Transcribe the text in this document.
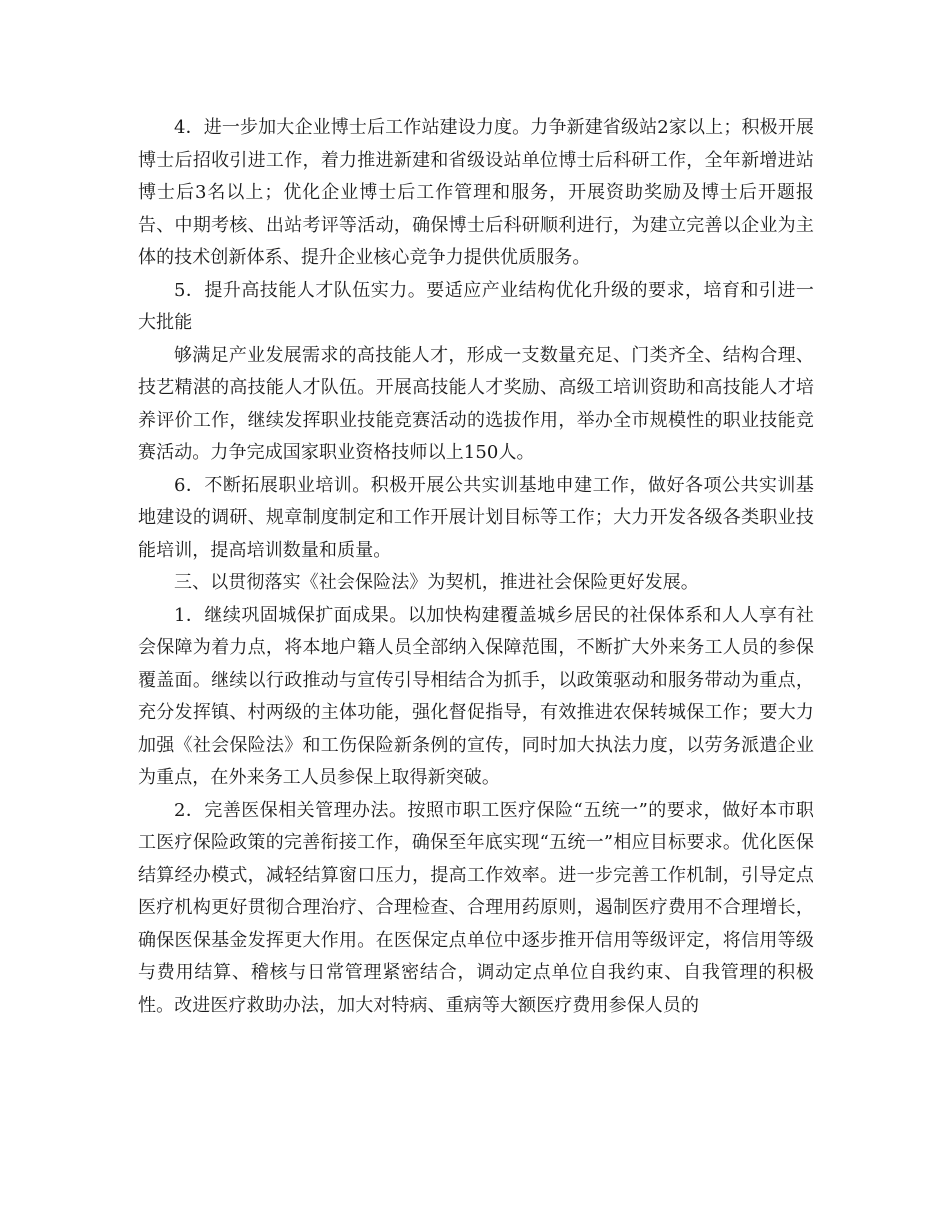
4．进一步加大企业博士后工作站建设力度。力争新建省级站2家以上；积极开展博士后招收引进工作，着力推进新建和省级设站单位博士后科研工作，全年新增进站博士后3名以上；优化企业博士后工作管理和服务，开展资助奖励及博士后开题报告、中期考核、出站考评等活动，确保博士后科研顺利进行，为建立完善以企业为主体的技术创新体系、提升企业核心竞争力提供优质服务。

5．提升高技能人才队伍实力。要适应产业结构优化升级的要求，培育和引进一大批能

够满足产业发展需求的高技能人才，形成一支数量充足、门类齐全、结构合理、技艺精湛的高技能人才队伍。开展高技能人才奖励、高级工培训资助和高技能人才培养评价工作，继续发挥职业技能竞赛活动的选拔作用，举办全市规模性的职业技能竞赛活动。力争完成国家职业资格技师以上150人。

6．不断拓展职业培训。积极开展公共实训基地申建工作，做好各项公共实训基地建设的调研、规章制度制定和工作开展计划目标等工作；大力开发各级各类职业技能培训，提高培训数量和质量。

三、以贯彻落实《社会保险法》为契机，推进社会保险更好发展。

1．继续巩固城保扩面成果。以加快构建覆盖城乡居民的社保体系和人人享有社会保障为着力点，将本地户籍人员全部纳入保障范围，不断扩大外来务工人员的参保覆盖面。继续以行政推动与宣传引导相结合为抓手，以政策驱动和服务带动为重点，充分发挥镇、村两级的主体功能，强化督促指导，有效推进农保转城保工作；要大力加强《社会保险法》和工伤保险新条例的宣传，同时加大执法力度，以劳务派遣企业为重点，在外来务工人员参保上取得新突破。

2．完善医保相关管理办法。按照市职工医疗保险“五统一”的要求，做好本市职工医疗保险政策的完善衔接工作，确保至年底实现“五统一”相应目标要求。优化医保结算经办模式，减轻结算窗口压力，提高工作效率。进一步完善工作机制，引导定点医疗机构更好贯彻合理治疗、合理检查、合理用药原则，遏制医疗费用不合理增长，确保医保基金发挥更大作用。在医保定点单位中逐步推开信用等级评定，将信用等级与费用结算、稽核与日常管理紧密结合，调动定点单位自我约束、自我管理的积极性。改进医疗救助办法，加大对特病、重病等大额医疗费用参保人员的
